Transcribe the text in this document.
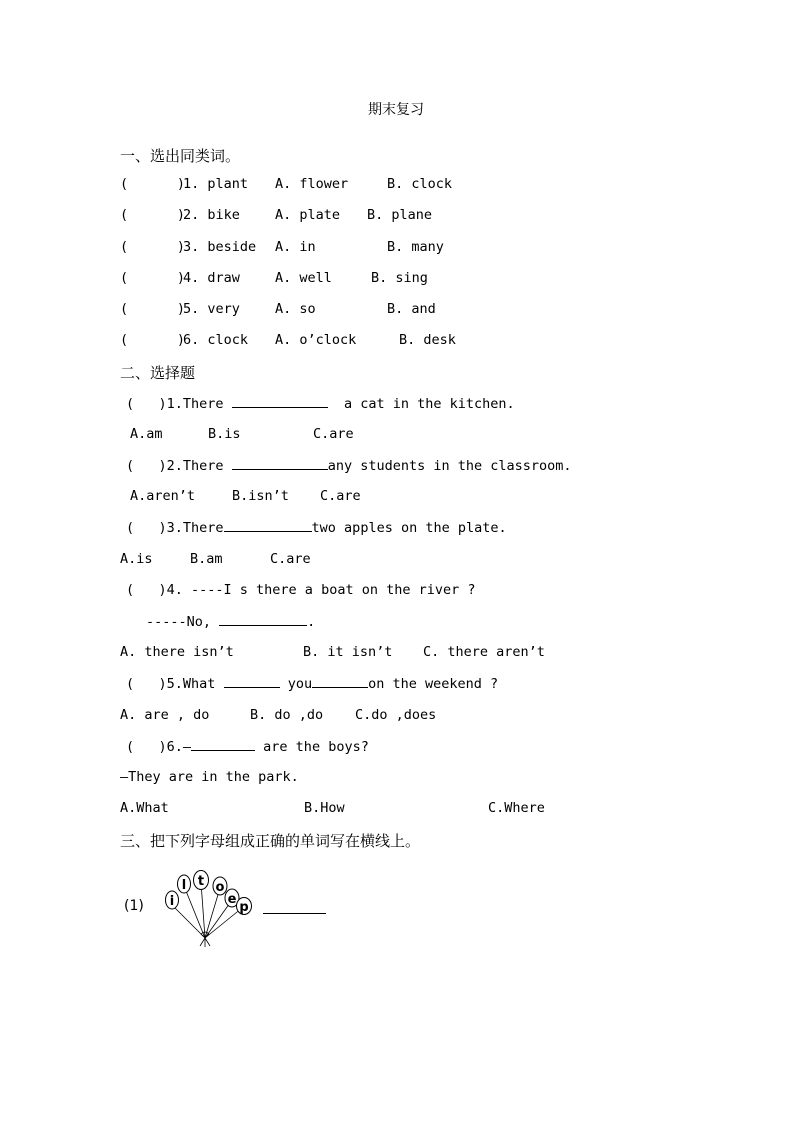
期末复习
一、选出同类词。
(      )
1. plant A. flower	B. clock
(      )
2. bike	A. plate B. plane
(      )
3. beside A. in	B. many
(      )
4. draw	A. well	B. sing
(      )
5. very	A. so	B. and
(      )
6. clock A. o’clock	B. desk
二、选择题
(   )1.There	a cat in the kitchen.
A.am	B.is	C.are
(   )2.There	any students in the classroom.
A.aren’t	B.isn’t C.are
(   )3.There	two apples on the plate.
A.is	B.am	C.are
(   )4. ----I s there a boat on the river ?
-----No,	.
A. there isn’t	B. it isn’t C. there aren’t
(   )5.What	you	on the weekend ?
A. are , do	B. do ,do C.do ,does
(   )6.—	are the boys?
—They are in the park.
A.What	B.How	C.Where
三、把下列字母组成正确的单词写在横线上。
(1) i
l t o
e
p
